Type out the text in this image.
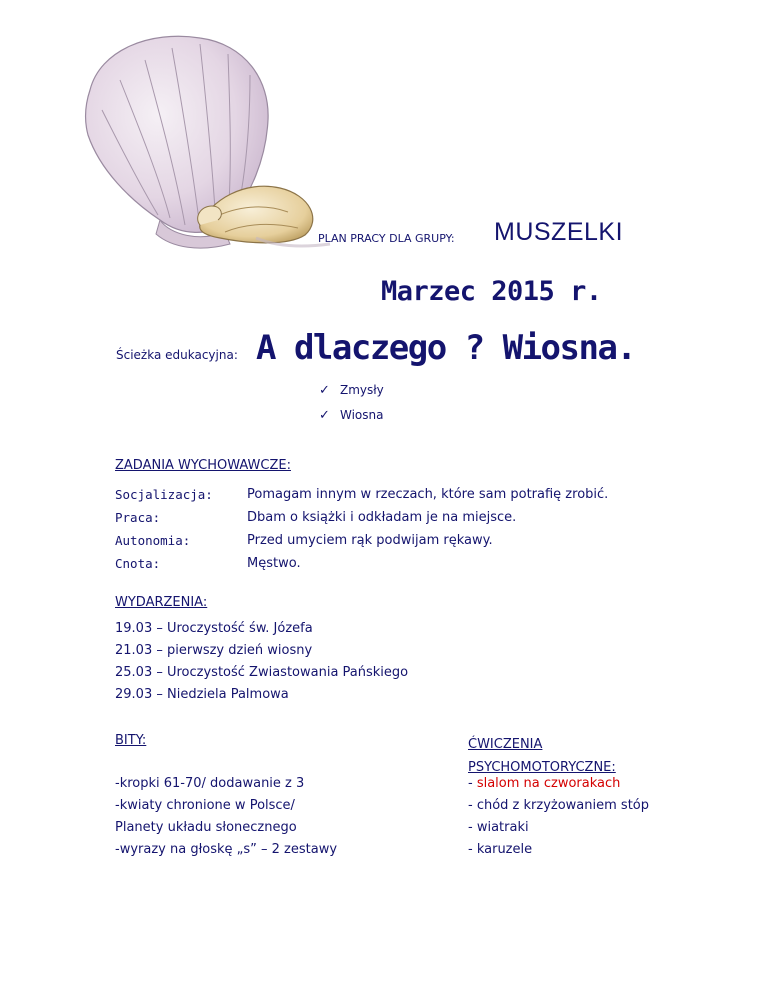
PLAN PRACY DLA GRUPY: MUSZELKI
Marzec 2015 r.
Ścieżka edukacyjna: A dlaczego ? Wiosna.
✓ Zmysły
✓ Wiosna
ZADANIA WYCHOWAWCZE:
Socjalizacja:	Pomagam innym w rzeczach, które sam potrafię zrobić.
Praca:	Dbam o książki i odkładam je na miejsce.
Autonomia:	Przed umyciem rąk podwijam rękawy.
Cnota:	Męstwo.
WYDARZENIA:
19.03 – Uroczystość św. Józefa
21.03 – pierwszy dzień wiosny
25.03 – Uroczystość Zwiastowania Pańskiego
29.03 – Niedziela Palmowa
BITY:
-kropki 61-70/ dodawanie z 3
-kwiaty chronione w Polsce/
Planety układu słonecznego
-wyrazy na głoskę „s” – 2 zestawy
ĆWICZENIA
PSYCHOMOTORYCZNE:
- slalom na czworakach
- chód z krzyżowaniem stóp
- wiatraki
- karuzele
